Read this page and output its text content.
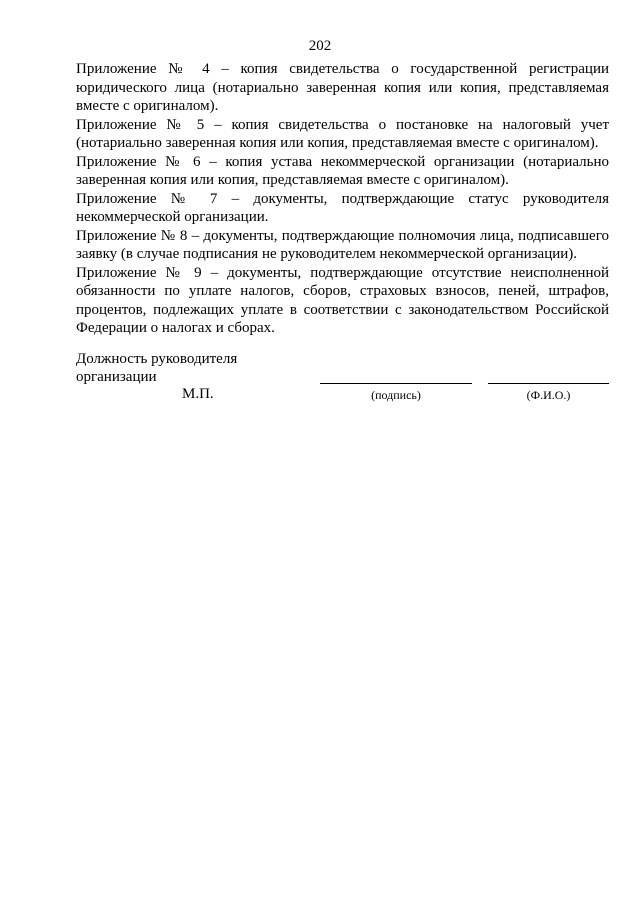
202

Приложение № 4 – копия свидетельства о государственной регистрации юридического лица (нотариально заверенная копия или копия, представляемая вместе с оригиналом).

Приложение № 5 – копия свидетельства о постановке на налоговый учет (нотариально заверенная копия или копия, представляемая вместе с оригиналом).

Приложение № 6 – копия устава некоммерческой организации (нотариально заверенная копия или копия, представляемая вместе с оригиналом).

Приложение № 7 – документы, подтверждающие статус руководителя некоммерческой организации.

Приложение № 8 – документы, подтверждающие полномочия лица, подписавшего заявку (в случае подписания не руководителем некоммерческой организации).

Приложение № 9 – документы, подтверждающие отсутствие неисполненной обязанности по уплате налогов, сборов, страховых взносов, пеней, штрафов, процентов, подлежащих уплате в соответствии с законодательством Российской Федерации о налогах и сборах.

Должность руководителя
организации
М.П.	(подпись)	(Ф.И.О.)
